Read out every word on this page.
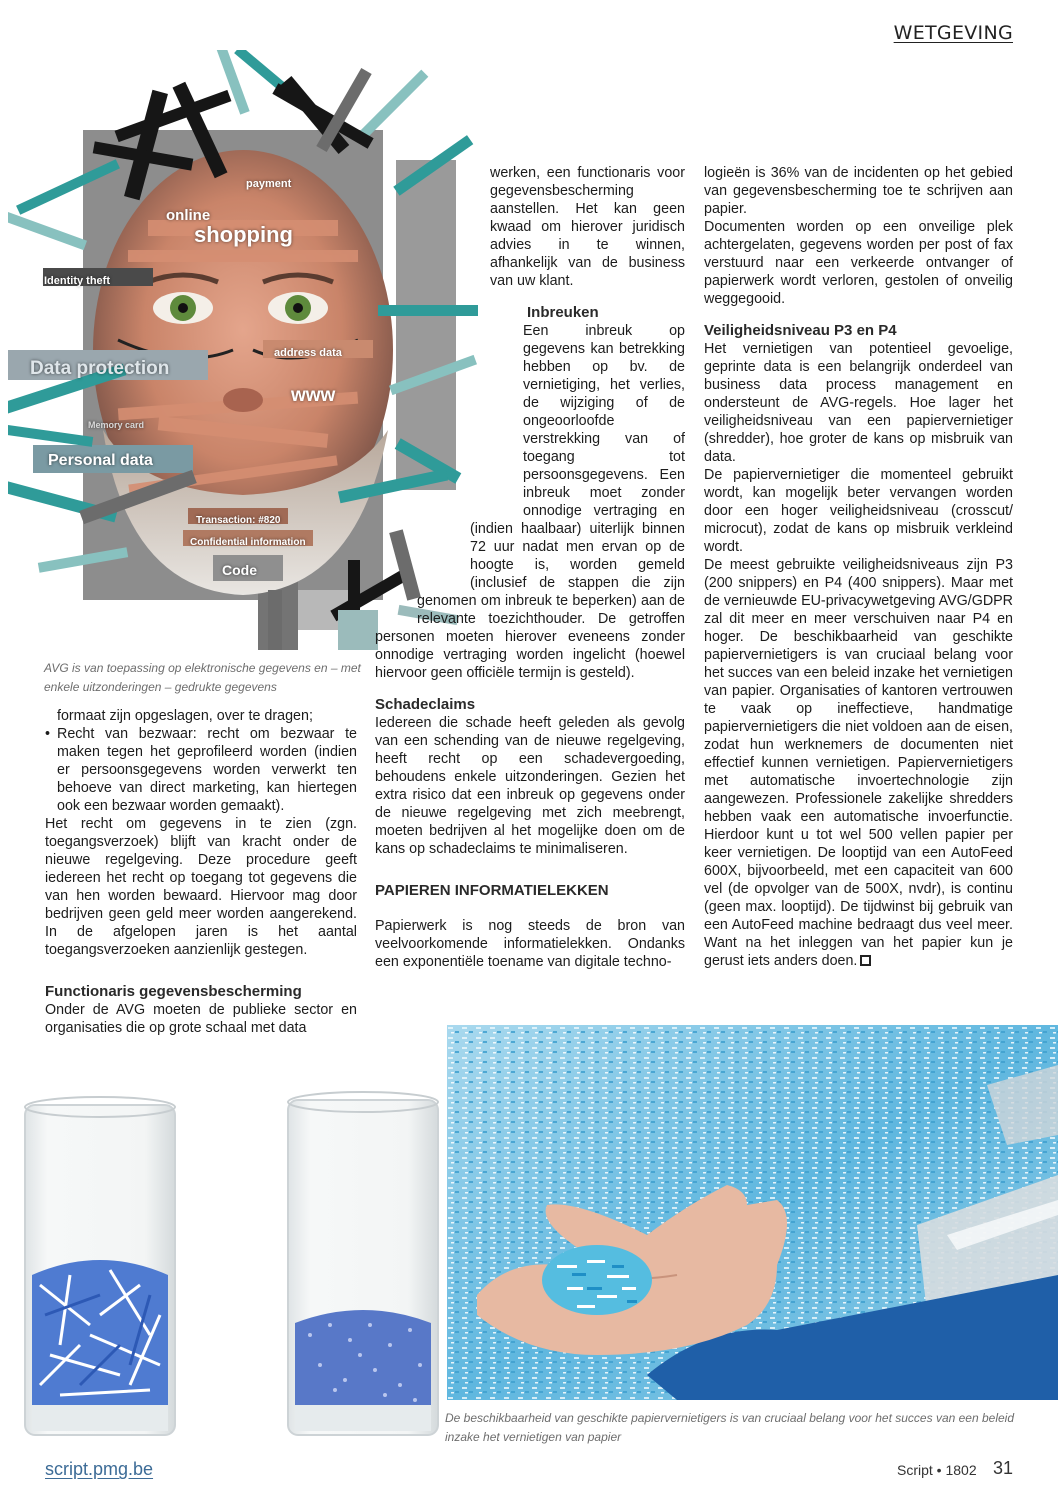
WETGEVING
payment
online
shopping
Identity theft
address data
Data protection
www
Memory card
Personal data
Transaction: #820
Confidential information
Code
AVG is van toepassing op elektronische gegevens en – met enkele uitzonderingen – gedrukte gegevens

formaat zijn opgeslagen, over te dragen;

• Recht van bezwaar: recht om bezwaar te maken tegen het geprofileerd worden (indien er persoonsgegevens worden verwerkt ten behoeve van direct marketing, kan hiertegen ook een bezwaar worden gemaakt).

Het recht om gegevens in te zien (zgn. toegangsverzoek) blijft van kracht onder de nieuwe regelgeving. Deze procedure geeft iedereen het recht op toegang tot gegevens die van hen worden bewaard. Hiervoor mag door bedrijven geen geld meer worden aangerekend. In de afgelopen jaren is het aantal toegangsverzoeken aanzienlijk gestegen.

Functionaris gegevensbescherming

Onder de AVG moeten de publieke sector en organisaties die op grote schaal met data

werken, een functionaris voor gegevensbescherming aanstellen. Het kan geen kwaad om hierover juridisch advies in te winnen, afhankelijk van de business van uw klant.

Inbreuken

Een inbreuk op gegevens kan betrekking hebben op bv. de vernietiging, het verlies, de wijziging of de ongeoorloofde verstrekking van of toegang tot persoonsgegevens. Een inbreuk moet zonder onnodige vertraging en (indien haalbaar) uiterlijk binnen 72 uur nadat men ervan op de hoogte is, worden gemeld (inclusief de stappen die zijn genomen om inbreuk te beperken) aan de relevante toezichthouder. De getroffen personen moeten hierover eveneens zonder onnodige vertraging worden ingelicht (hoewel hiervoor geen officiële termijn is gesteld).

Schadeclaims

Iedereen die schade heeft geleden als gevolg van een schending van de nieuwe regelgeving, heeft recht op een schadevergoeding, behoudens enkele uitzonderingen. Gezien het extra risico dat een inbreuk op gegevens onder de nieuwe regelgeving met zich meebrengt, moeten bedrijven al het mogelijke doen om de kans op schadeclaims te minimaliseren.

PAPIEREN INFORMATIELEKKEN

Papierwerk is nog steeds de bron van veelvoorkomende informatielekken. Ondanks een exponentiële toename van digitale techno-

logieën is 36% van de incidenten op het gebied van gegevensbescherming toe te schrijven aan papier.

Documenten worden op een onveilige plek achtergelaten, gegevens worden per post of fax verstuurd naar een verkeerde ontvanger of papierwerk wordt verloren, gestolen of onveilig weggegooid.

Veiligheidsniveau P3 en P4

Het vernietigen van potentieel gevoelige, geprinte data is een belangrijk onderdeel van business data process management en ondersteunt de AVG-regels. Hoe lager het veiligheidsniveau van een papiervernietiger (shredder), hoe groter de kans op misbruik van data.

De papiervernietiger die momenteel gebruikt wordt, kan mogelijk beter vervangen worden door een hoger veiligheidsniveau (crosscut/ microcut), zodat de kans op misbruik verkleind wordt.

De meest gebruikte veiligheidsniveaus zijn P3 (200 snippers) en P4 (400 snippers). Maar met de vernieuwde EU-privacywetgeving AVG/GDPR zal dit meer en meer verschuiven naar P4 en hoger. De beschikbaarheid van geschikte papiervernietigers is van cruciaal belang voor het succes van een beleid inzake het vernietigen van papier. Organisaties of kantoren vertrouwen te vaak op ineffectieve, handmatige papiervernietigers die niet voldoen aan de eisen, zodat hun werknemers de documenten niet effectief kunnen vernietigen. Papiervernietigers met automatische invoertechnologie zijn aangewezen. Professionele zakelijke shredders hebben vaak een automatische invoerfunctie. Hierdoor kunt u tot wel 500 vellen papier per keer vernietigen. De looptijd van een AutoFeed 600X, bijvoorbeeld, met een capaciteit van 600 vel (de opvolger van de 500X, nvdr), is continu (geen max. looptijd). De tijdwinst bij gebruik van een AutoFeed machine bedraagt dus veel meer. Want na het inleggen van het papier kun je gerust iets anders doen.

De beschikbaarheid van geschikte papiervernietigers is van cruciaal belang voor het succes van een beleid inzake het vernietigen van papier
script.pmg.be	Script • 1802 31
